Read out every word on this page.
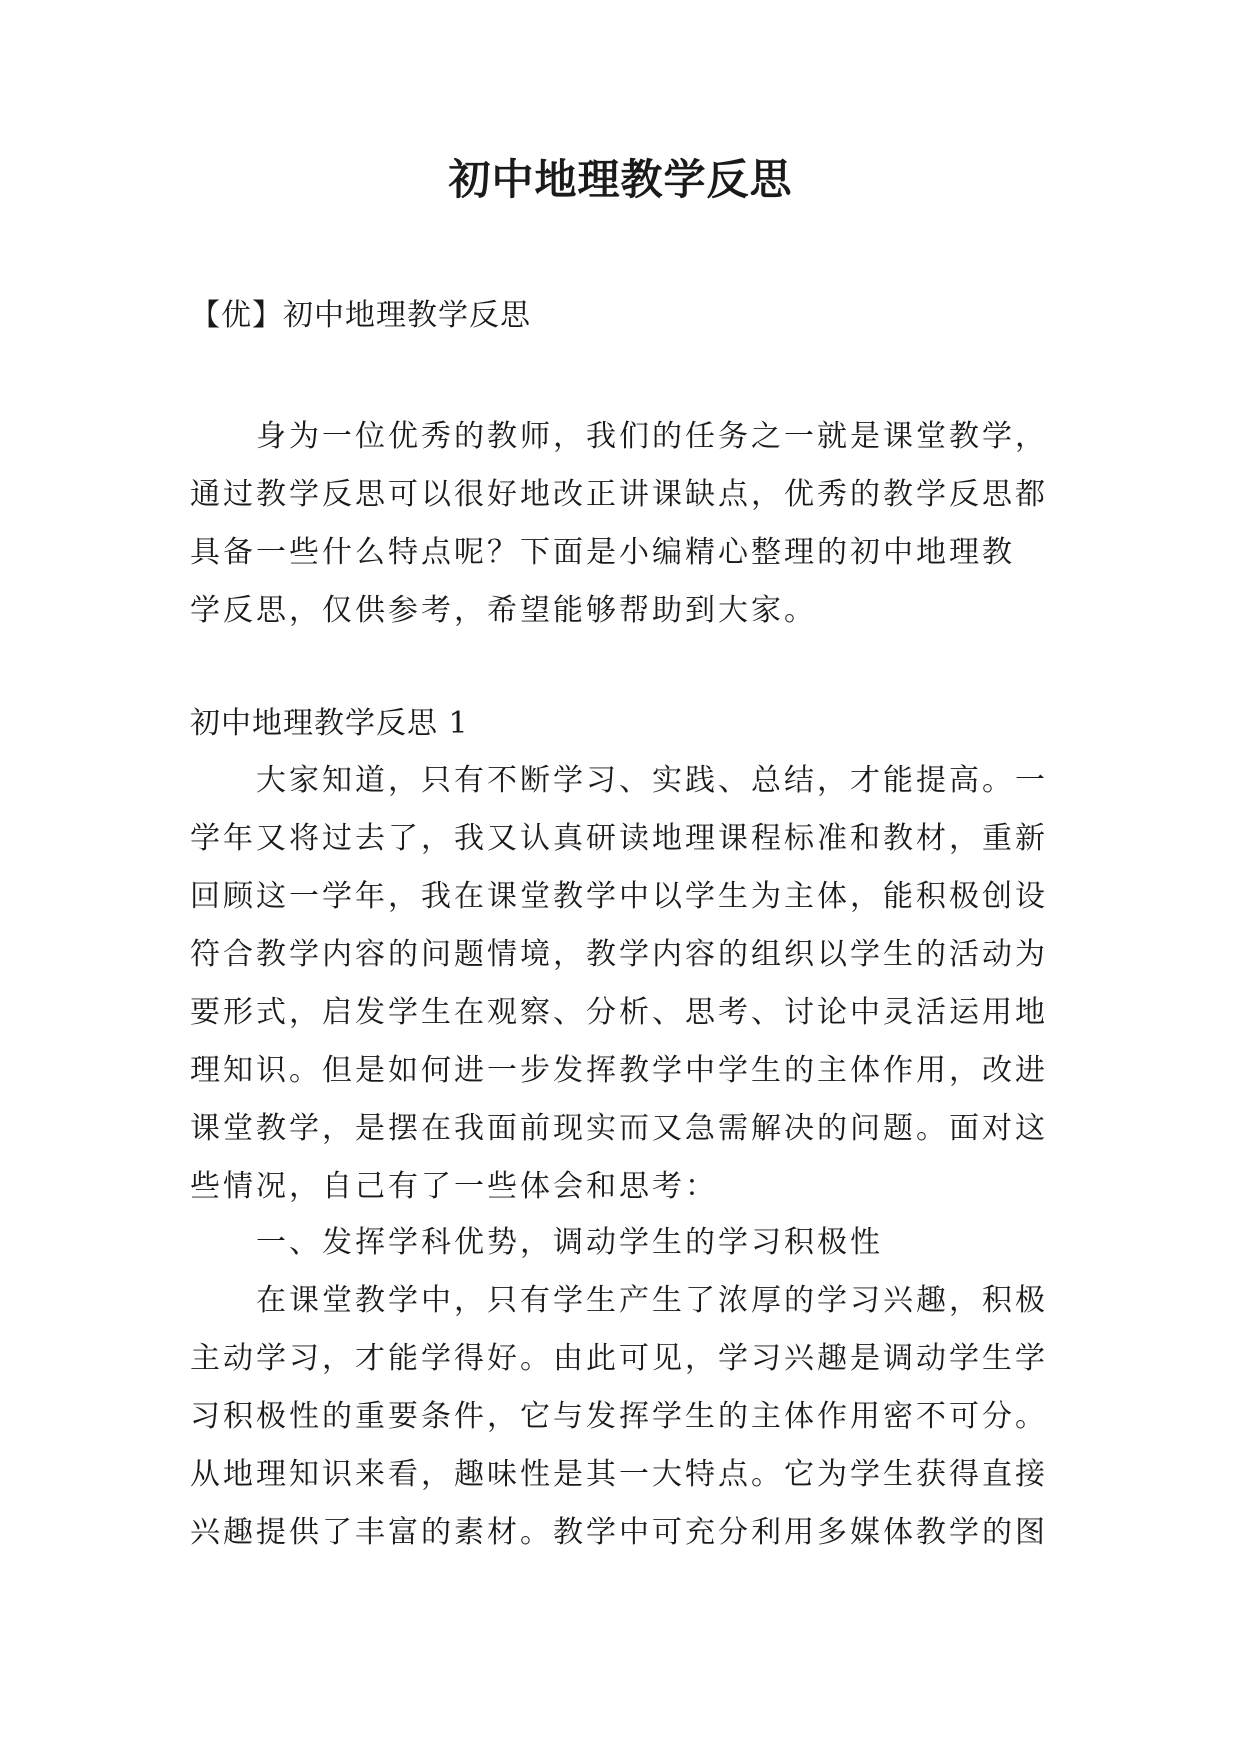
初中地理教学反思

【优】初中地理教学反思

身为一位优秀的教师，我们的任务之一就是课堂教学，
通过教学反思可以很好地改正讲课缺点，优秀的教学反思都
具备一些什么特点呢？下面是小编精心整理的初中地理教
学反思，仅供参考，希望能够帮助到大家。
初中地理教学反思 1
大家知道，只有不断学习、实践、总结，才能提高。一
学年又将过去了，我又认真研读地理课程标准和教材，重新
回顾这一学年，我在课堂教学中以学生为主体，能积极创设
符合教学内容的问题情境，教学内容的组织以学生的活动为
要形式，启发学生在观察、分析、思考、讨论中灵活运用地
理知识。但是如何进一步发挥教学中学生的主体作用，改进
课堂教学，是摆在我面前现实而又急需解决的问题。面对这
些情况，自己有了一些体会和思考：
一、发挥学科优势，调动学生的学习积极性
在课堂教学中，只有学生产生了浓厚的学习兴趣，积极
主动学习，才能学得好。由此可见，学习兴趣是调动学生学
习积极性的重要条件，它与发挥学生的主体作用密不可分。
从地理知识来看，趣味性是其一大特点。它为学生获得直接
兴趣提供了丰富的素材。教学中可充分利用多媒体教学的图
